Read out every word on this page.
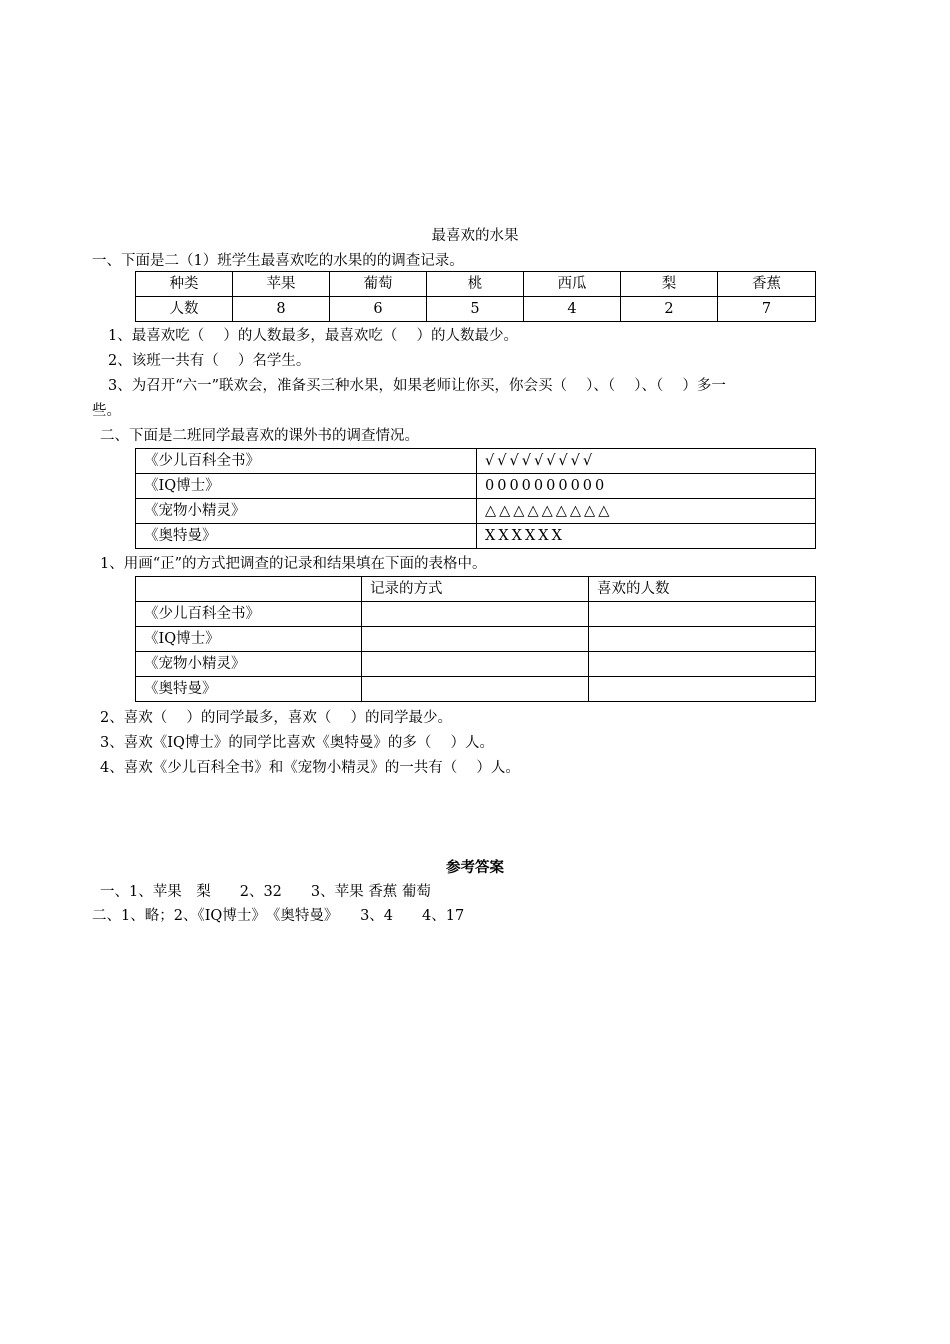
最喜欢的水果
一、下面是二（1）班学生最喜欢吃的水果的的调查记录。
种类	苹果	葡萄	桃	西瓜	梨	香蕉
人数	8	6	5	4	2	7
1、最喜欢吃（　 ）的人数最多，最喜欢吃（　 ）的人数最少。
2、该班一共有（　 ）名学生。
3、为召开“六一”联欢会，准备买三种水果，如果老师让你买，你会买（　 ）、（　 ）、（　 ）多一
些。
二、下面是二班同学最喜欢的课外书的调查情况。
《少儿百科全书》	√√√√√√√√√
《IQ博士》	0000000000
《宠物小精灵》	△△△△△△△△△
《奥特曼》	XXXXXX
1、用画“正”的方式把调查的记录和结果填在下面的表格中。
	记录的方式	喜欢的人数
《少儿百科全书》		
《IQ博士》		
《宠物小精灵》		
《奥特曼》		
2、喜欢（　 ）的同学最多，喜欢（　 ）的同学最少。
3、喜欢《IQ博士》的同学比喜欢《奥特曼》的多（　 ）人。
4、喜欢《少儿百科全书》和《宠物小精灵》的一共有（　 ）人。
参考答案
一、1、苹果　梨　　2、32　　3、苹果 香蕉 葡萄
二、1、略；2、《IQ博士》　《奥特曼》　　3、4　　4、17
